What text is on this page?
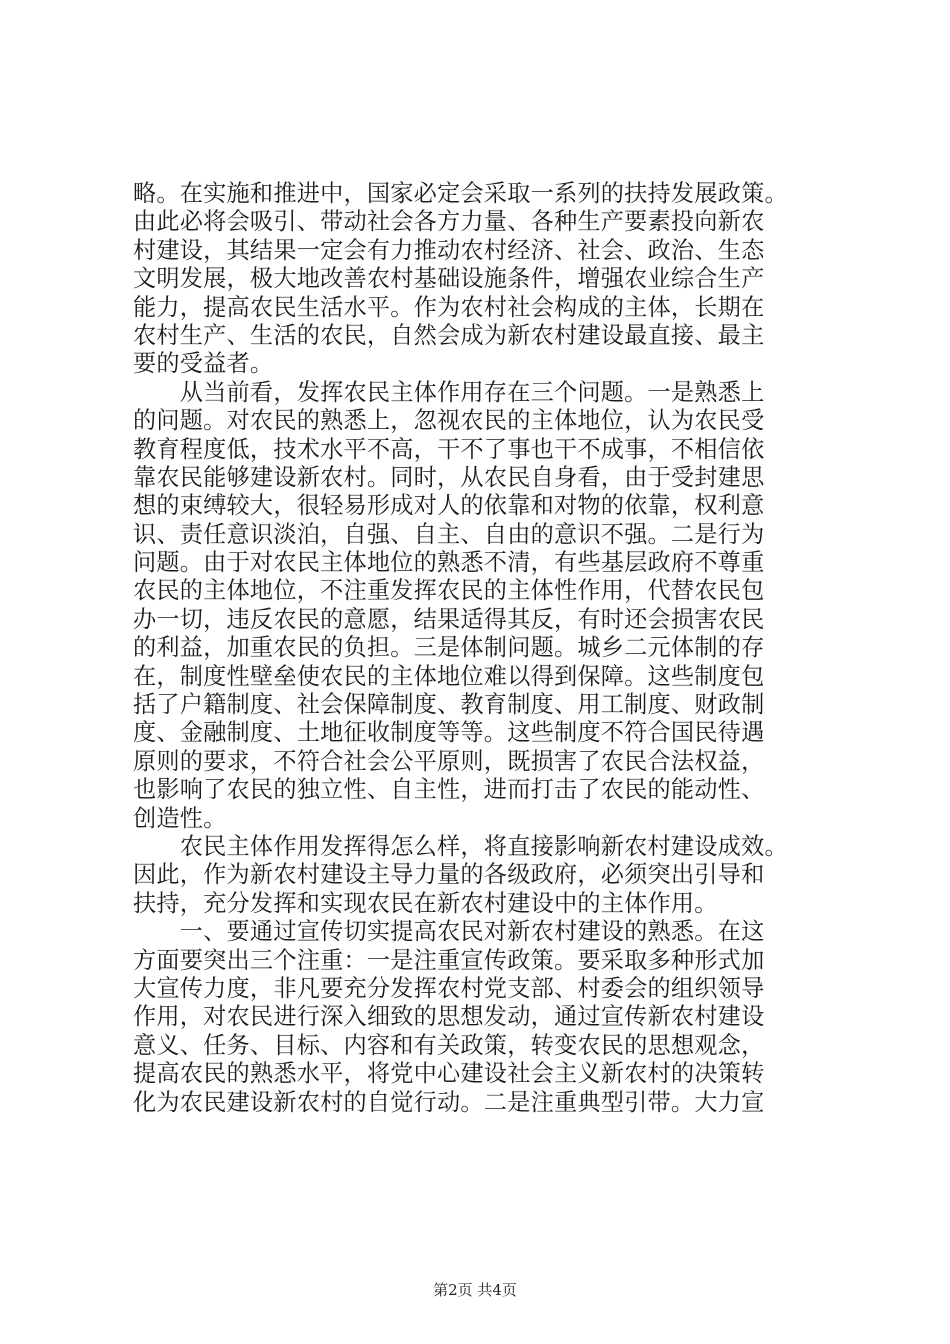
略。在实施和推进中，国家必定会采取一系列的扶持发展政策。
由此必将会吸引、带动社会各方力量、各种生产要素投向新农
村建设，其结果一定会有力推动农村经济、社会、政治、生态
文明发展，极大地改善农村基础设施条件，增强农业综合生产
能力，提高农民生活水平。作为农村社会构成的主体，长期在
农村生产、生活的农民，自然会成为新农村建设最直接、最主
要的受益者。
　　从当前看，发挥农民主体作用存在三个问题。一是熟悉上
的问题。对农民的熟悉上，忽视农民的主体地位，认为农民受
教育程度低，技术水平不高，干不了事也干不成事，不相信依
靠农民能够建设新农村。同时，从农民自身看，由于受封建思
想的束缚较大，很轻易形成对人的依靠和对物的依靠，权利意
识、责任意识淡泊，自强、自主、自由的意识不强。二是行为
问题。由于对农民主体地位的熟悉不清，有些基层政府不尊重
农民的主体地位，不注重发挥农民的主体性作用，代替农民包
办一切，违反农民的意愿，结果适得其反，有时还会损害农民
的利益，加重农民的负担。三是体制问题。城乡二元体制的存
在，制度性壁垒使农民的主体地位难以得到保障。这些制度包
括了户籍制度、社会保障制度、教育制度、用工制度、财政制
度、金融制度、土地征收制度等等。这些制度不符合国民待遇
原则的要求，不符合社会公平原则，既损害了农民合法权益，
也影响了农民的独立性、自主性，进而打击了农民的能动性、
创造性。
　　农民主体作用发挥得怎么样，将直接影响新农村建设成效。
因此，作为新农村建设主导力量的各级政府，必须突出引导和
扶持，充分发挥和实现农民在新农村建设中的主体作用。
　　一、要通过宣传切实提高农民对新农村建设的熟悉。在这
方面要突出三个注重：一是注重宣传政策。要采取多种形式加
大宣传力度，非凡要充分发挥农村党支部、村委会的组织领导
作用，对农民进行深入细致的思想发动，通过宣传新农村建设
意义、任务、目标、内容和有关政策，转变农民的思想观念，
提高农民的熟悉水平，将党中心建设社会主义新农村的决策转
化为农民建设新农村的自觉行动。二是注重典型引带。大力宣
第2页 共4页
